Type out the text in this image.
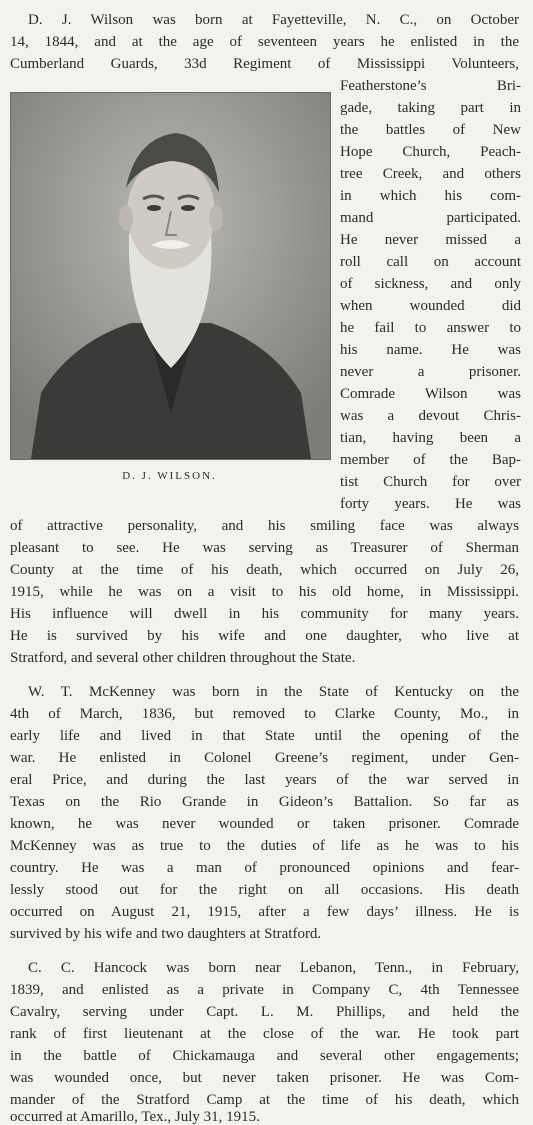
D. J. Wilson was born at Fayetteville, N. C., on October
14, 1844, and at the age of seventeen years he enlisted in the
Cumberland Guards, 33d Regiment of Mississippi Volunteers,
D. J. WILSON.
Featherstone’s Bri-
gade, taking part in
the battles of New
Hope Church, Peach-
tree Creek, and others
in which his com-
mand participated.
He never missed a
roll call on account
of sickness, and only
when wounded did
he fail to answer to
his name. He was
never a prisoner.
Comrade Wilson was
was a devout Chris-
tian, having been a
member of the Bap-
tist Church for over
forty years. He was
of attractive personality, and his smiling face was always
pleasant to see. He was serving as Treasurer of Sherman
County at the time of his death, which occurred on July 26,
1915, while he was on a visit to his old home, in Mississippi.
His influence will dwell in his community for many years.
He is survived by his wife and one daughter, who live at
Stratford, and several other children throughout the State.
W. T. McKenney was born in the State of Kentucky on the
4th of March, 1836, but removed to Clarke County, Mo., in
early life and lived in that State until the opening of the
war. He enlisted in Colonel Greene’s regiment, under Gen-
eral Price, and during the last years of the war served in
Texas on the Rio Grande in Gideon’s Battalion. So far as
known, he was never wounded or taken prisoner. Comrade
McKenney was as true to the duties of life as he was to his
country. He was a man of pronounced opinions and fear-
lessly stood out for the right on all occasions. His death
occurred on August 21, 1915, after a few days’ illness. He is
survived by his wife and two daughters at Stratford.
C. C. Hancock was born near Lebanon, Tenn., in February,
1839, and enlisted as a private in Company C, 4th Tennessee
Cavalry, serving under Capt. L. M. Phillips, and held the
rank of first lieutenant at the close of the war. He took part
in the battle of Chickamauga and several other engagements;
was wounded once, but never taken prisoner. He was Com-
mander of the Stratford Camp at the time of his death, which
occurred at Amarillo, Tex., July 31, 1915.
